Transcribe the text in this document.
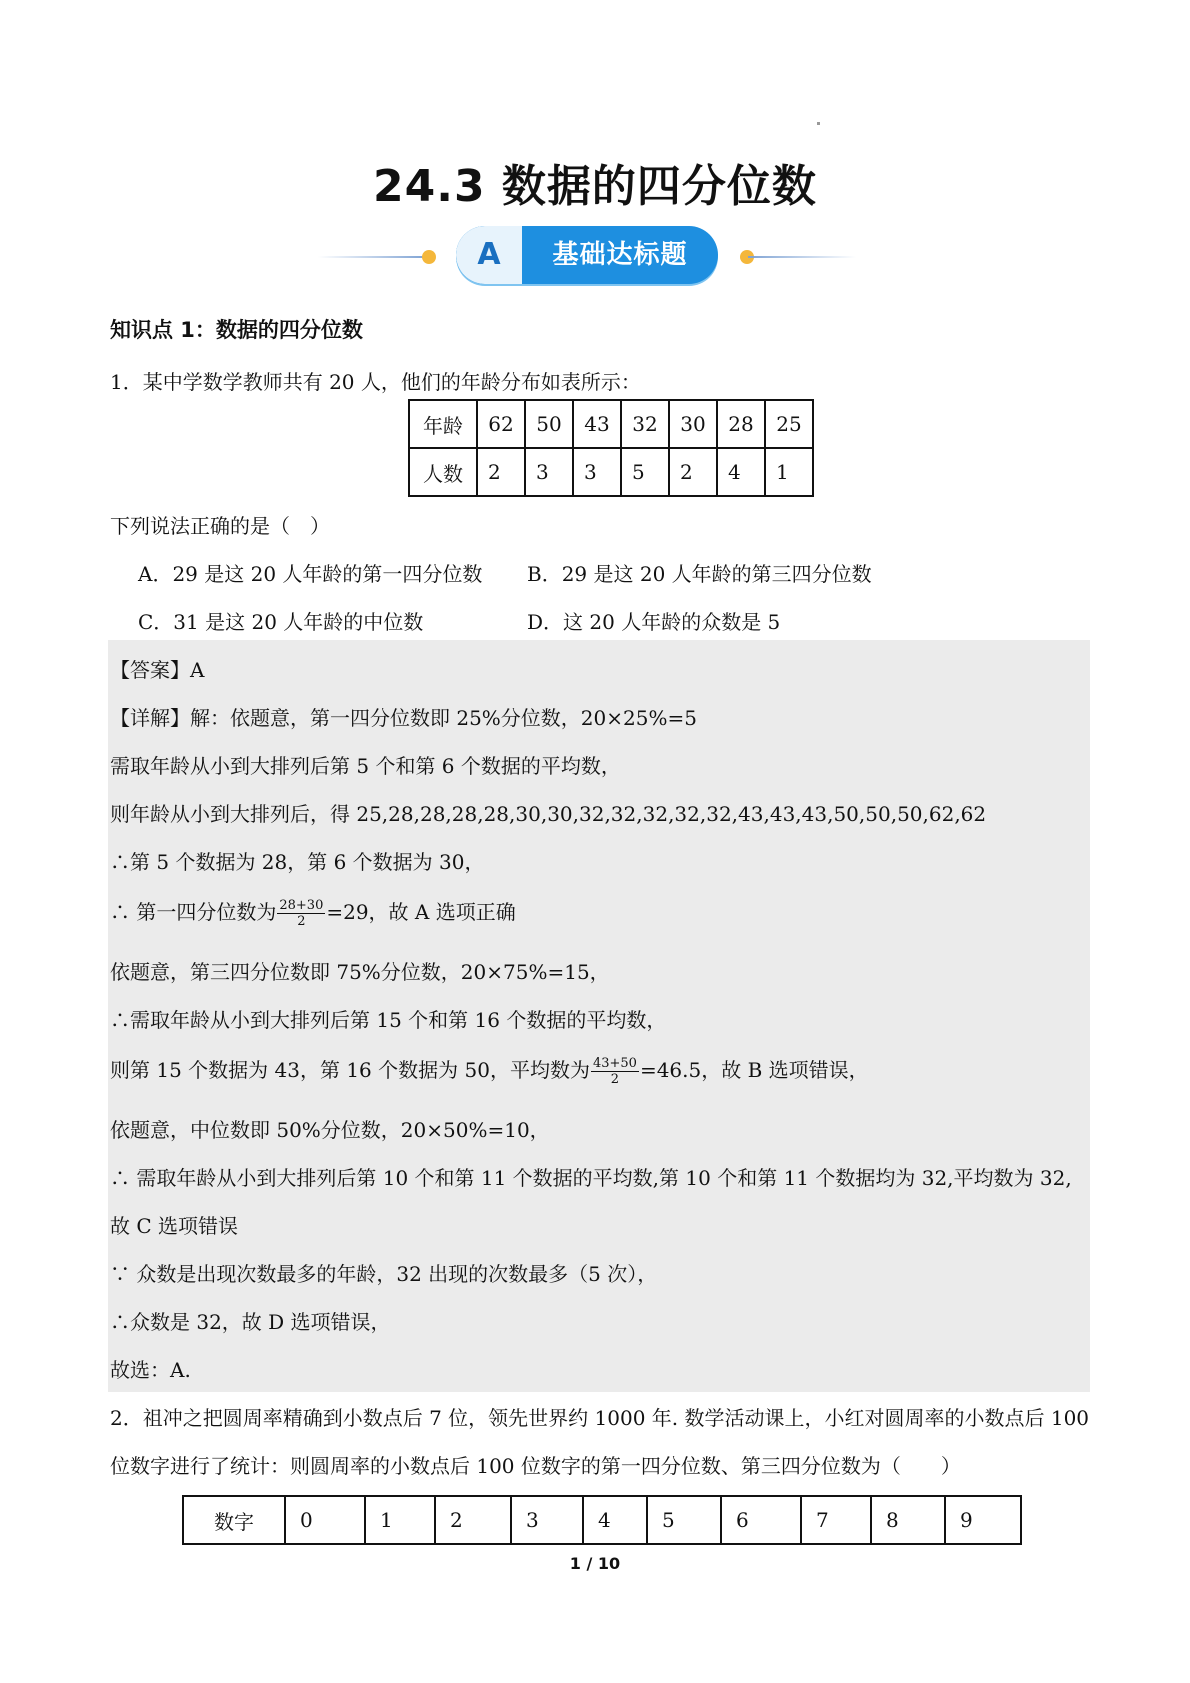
24.3 数据的四分位数
A	基础达标题
知识点 1：数据的四分位数
1．某中学数学教师共有 20 人，他们的年龄分布如表所示：
年龄	62	50	43	32	30	28	25
人数	2	3	3	5	2	4	1
下列说法正确的是（　）
A．29 是这 20 人年龄的第一四分位数 B．29 是这 20 人年龄的第三四分位数
C．31 是这 20 人年龄的中位数	D．这 20 人年龄的众数是 5
【答案】A
【详解】解：依题意，第一四分位数即 25%分位数，20×25%=5
需取年龄从小到大排列后第 5 个和第 6 个数据的平均数，
则年龄从小到大排列后，得 25,28,28,28,28,30,30,32,32,32,32,32,43,43,43,50,50,50,62,62
∴第 5 个数据为 28，第 6 个数据为 30，
∴ 第一四分位数为 $\frac{28+30}{2} =29$，故 A 选项正确
依题意，第三四分位数即 75%分位数，20×75%=15，
∴需取年龄从小到大排列后第 15 个和第 16 个数据的平均数，
则第 15 个数据为 43，第 16 个数据为 50，平均数为 $\frac{43+50}{2} =46.5$，故 B 选项错误，
依题意，中位数即 50%分位数，20×50%=10，
∴ 需取年龄从小到大排列后第 10 个和第 11 个数据的平均数,第 10 个和第 11 个数据均为 32,平均数为 32,
故 C 选项错误
∵ 众数是出现次数最多的年龄，32 出现的次数最多（5 次），
∴众数是 32，故 D 选项错误，
故选：A.
2．祖冲之把圆周率精确到小数点后 7 位，领先世界约 1000 年. 数学活动课上，小红对圆周率的小数点后 100
位数字进行了统计：则圆周率的小数点后 100 位数字的第一四分位数、第三四分位数为（　　）
数字	0	1	2	3	4	5	6	7	8	9
1 / 10
